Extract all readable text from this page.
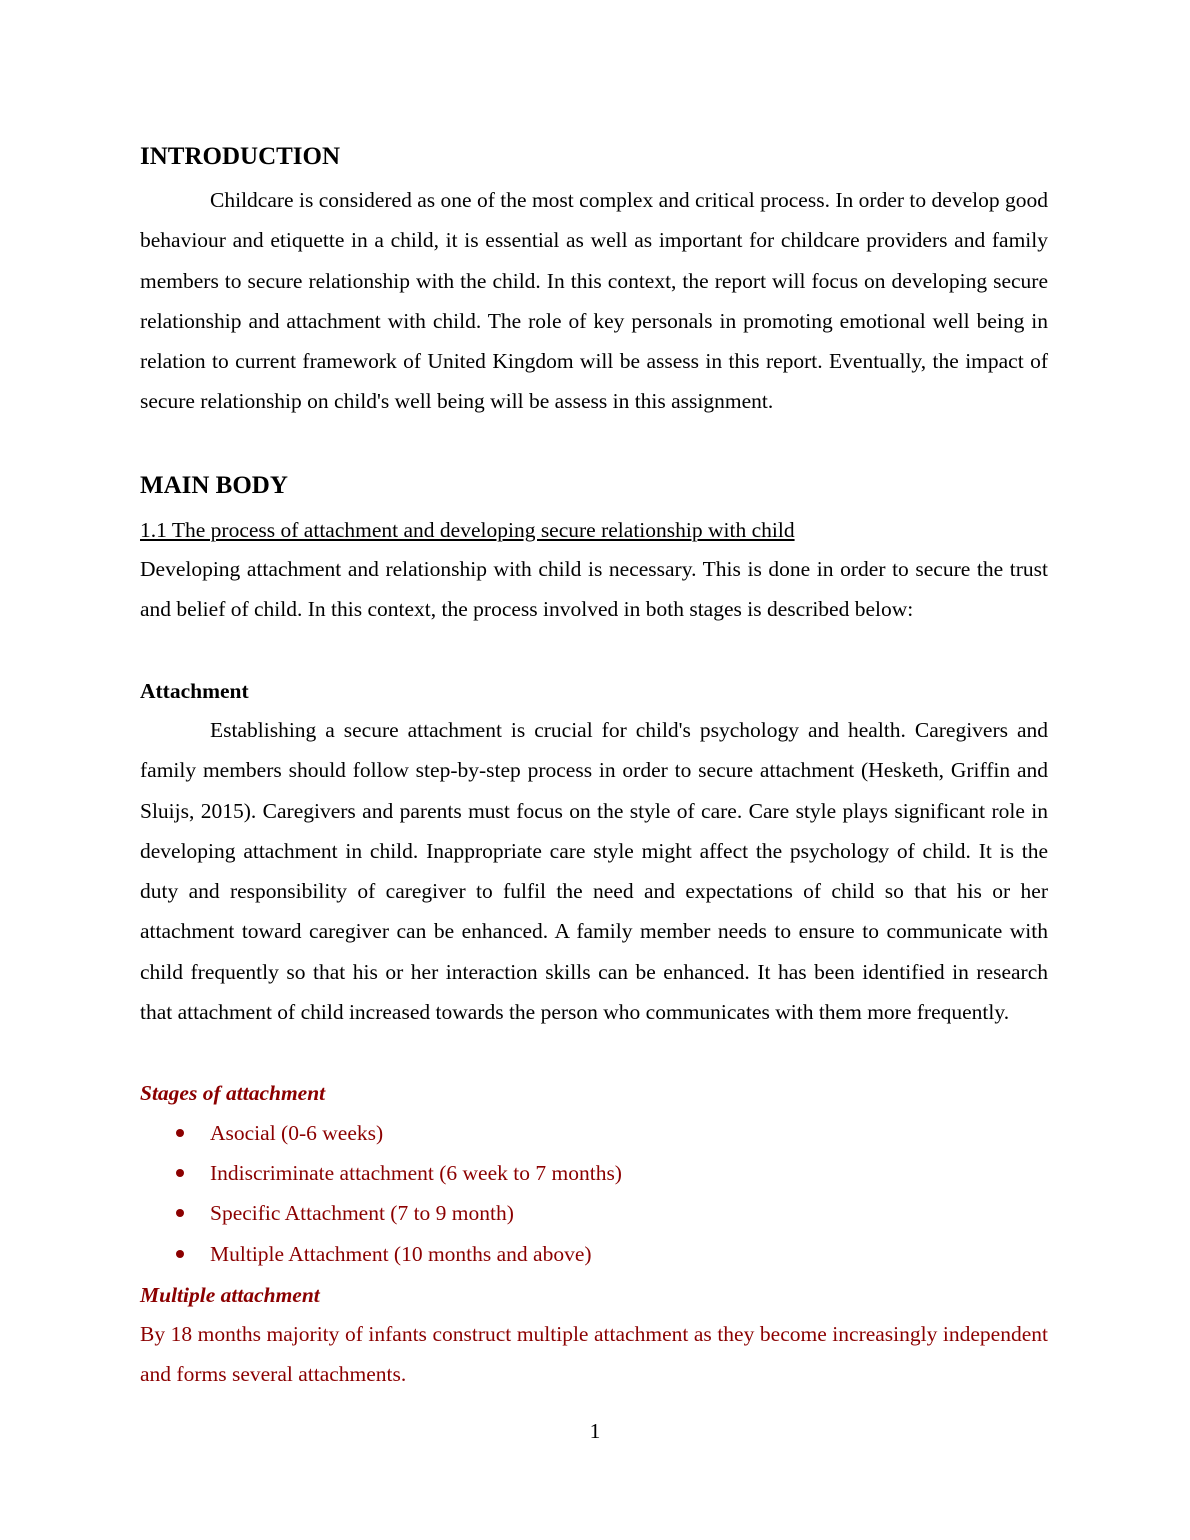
INTRODUCTION
Childcare is considered as one of the most complex and critical process. In order to develop good behaviour and etiquette in a child, it is essential as well as important for childcare providers and family members to secure relationship with the child. In this context, the report will focus on developing secure relationship and attachment with child. The role of key personals in promoting emotional well being in relation to current framework of United Kingdom will be assess in this report. Eventually, the impact of secure relationship on child's well being will be assess in this assignment.
MAIN BODY
1.1 The process of attachment and developing secure relationship with child
Developing attachment and relationship with child is necessary. This is done in order to secure the trust and belief of child. In this context, the process involved in both stages is described below:
Attachment
Establishing a secure attachment is crucial for child's psychology and health. Caregivers and family members should follow step-by-step process in order to secure attachment (Hesketh, Griffin and Sluijs, 2015). Caregivers and parents must focus on the style of care. Care style plays significant role in developing attachment in child. Inappropriate care style might affect the psychology of child. It is the duty and responsibility of caregiver to fulfil the need and expectations of child so that his or her attachment toward caregiver can be enhanced. A family member needs to ensure to communicate with child frequently so that his or her interaction skills can be enhanced. It has been identified in research that attachment of child increased towards the person who communicates with them more frequently.
Stages of attachment
Asocial (0-6 weeks)
Indiscriminate attachment (6 week to 7 months)
Specific Attachment (7 to 9 month)
Multiple Attachment (10 months and above)
Multiple attachment
By 18 months majority of infants construct multiple attachment as they become increasingly independent and forms several attachments.
1
